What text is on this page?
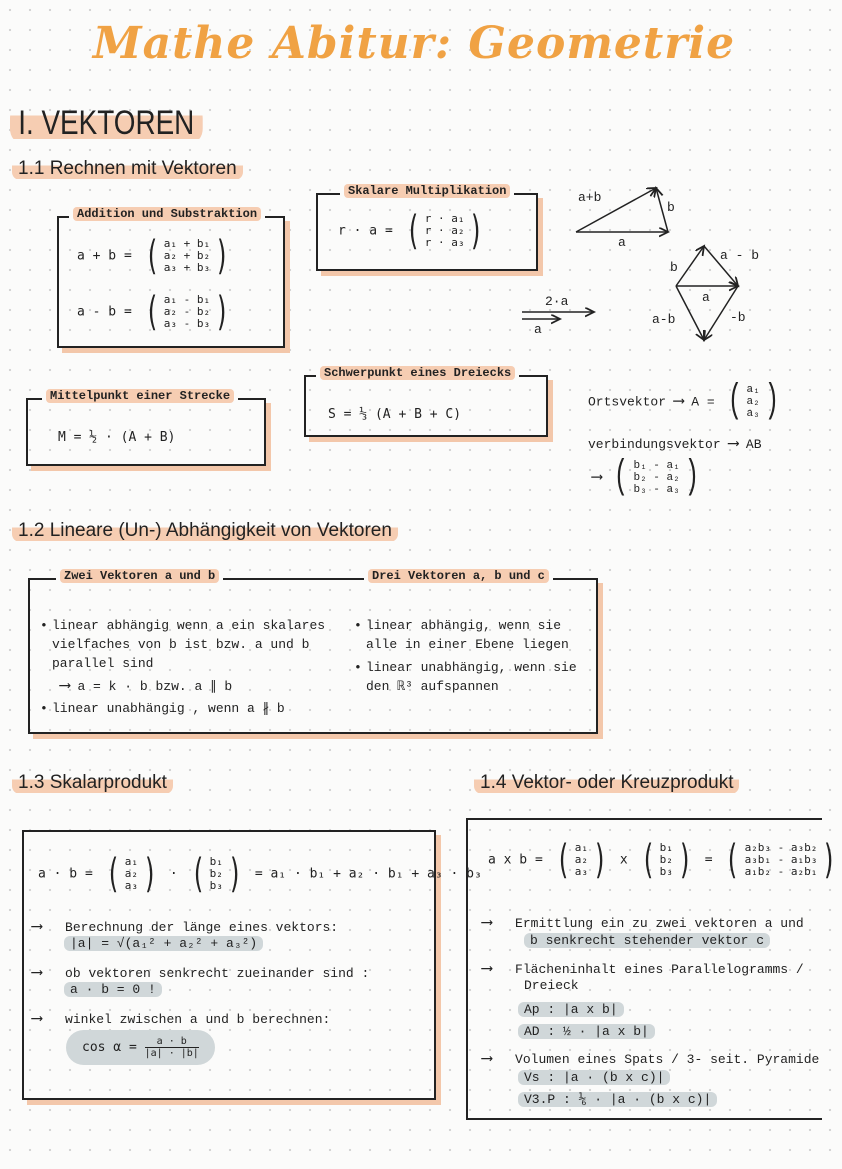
Mathe Abitur: Geometrie
I. VEKTOREN
1.1 Rechnen mit Vektoren
Addition und Substraktion
a + b = ( a₁ + b₁
a₂ + b₂
a₃ + b₃ )
a - b = ( a₁ - b₁
a₂ - b₂
a₃ - b₃ )
Skalare Multiplikation
r · a = ( r · a₁
r · a₂
r · a₃ )
a+b
b
a
a - b
b
a
a-b	-b
2·a
a
Mittelpunkt einer Strecke
M = ½ · (A + B)
Schwerpunkt eines Dreiecks
S = ⅓ (A + B + C)
Ortsvektor ⟶ A = ( a₁
a₂
a₃ )
verbindungsvektor ⟶ AB
⟶ ( b₁ - a₁
b₂ - a₂
b₃ - a₃ )
1.2 Lineare (Un-) Abhängigkeit von Vektoren
Zwei Vektoren a und b	Drei Vektoren a, b und c
• linear abhängig wenn a ein skalares vielfaches von b ist bzw. a und b parallel sind
⟶ a = k · b bzw. a ∥ b
• linear unabhängig , wenn a ∦ b
• linear abhängig, wenn sie alle in einer Ebene liegen
• linear unabhängig, wenn sie den ℝ³ aufspannen
1.3 Skalarprodukt
a · b = ( a₁
a₂
a₃ ) · ( b₁
b₂
b₃ ) = a₁ · b₁ + a₂ · b₁ + a₃ · b₃
⟶ Berechnung der länge eines vektors:
|a| = √(a₁² + a₂² + a₃²)
⟶ ob vektoren senkrecht zueinander sind :
a · b = 0 !
⟶ winkel zwischen a und b berechnen:
$\cos \alpha = \frac{a \cdot b}{|a| \cdot |b|}$
1.4 Vektor- oder Kreuzprodukt
a x b = ( a₁
a₂
a₃ ) x ( b₁
b₂
b₃ ) = ( a₂b₃ - a₃b₂
a₃b₁ - a₁b₃
a₁b₂ - a₂b₁ )
⟶ Ermittlung ein zu zwei vektoren a und
b senkrecht stehender vektor c
⟶ Flächeninhalt eines Parallelogramms /
Dreieck
Ap : |a x b|
AD : ½ · |a x b|
⟶ Volumen eines Spats / 3- seit. Pyramide
Vs : |a · (b x c)|
V3.P : ⅙ · |a · (b x c)|
